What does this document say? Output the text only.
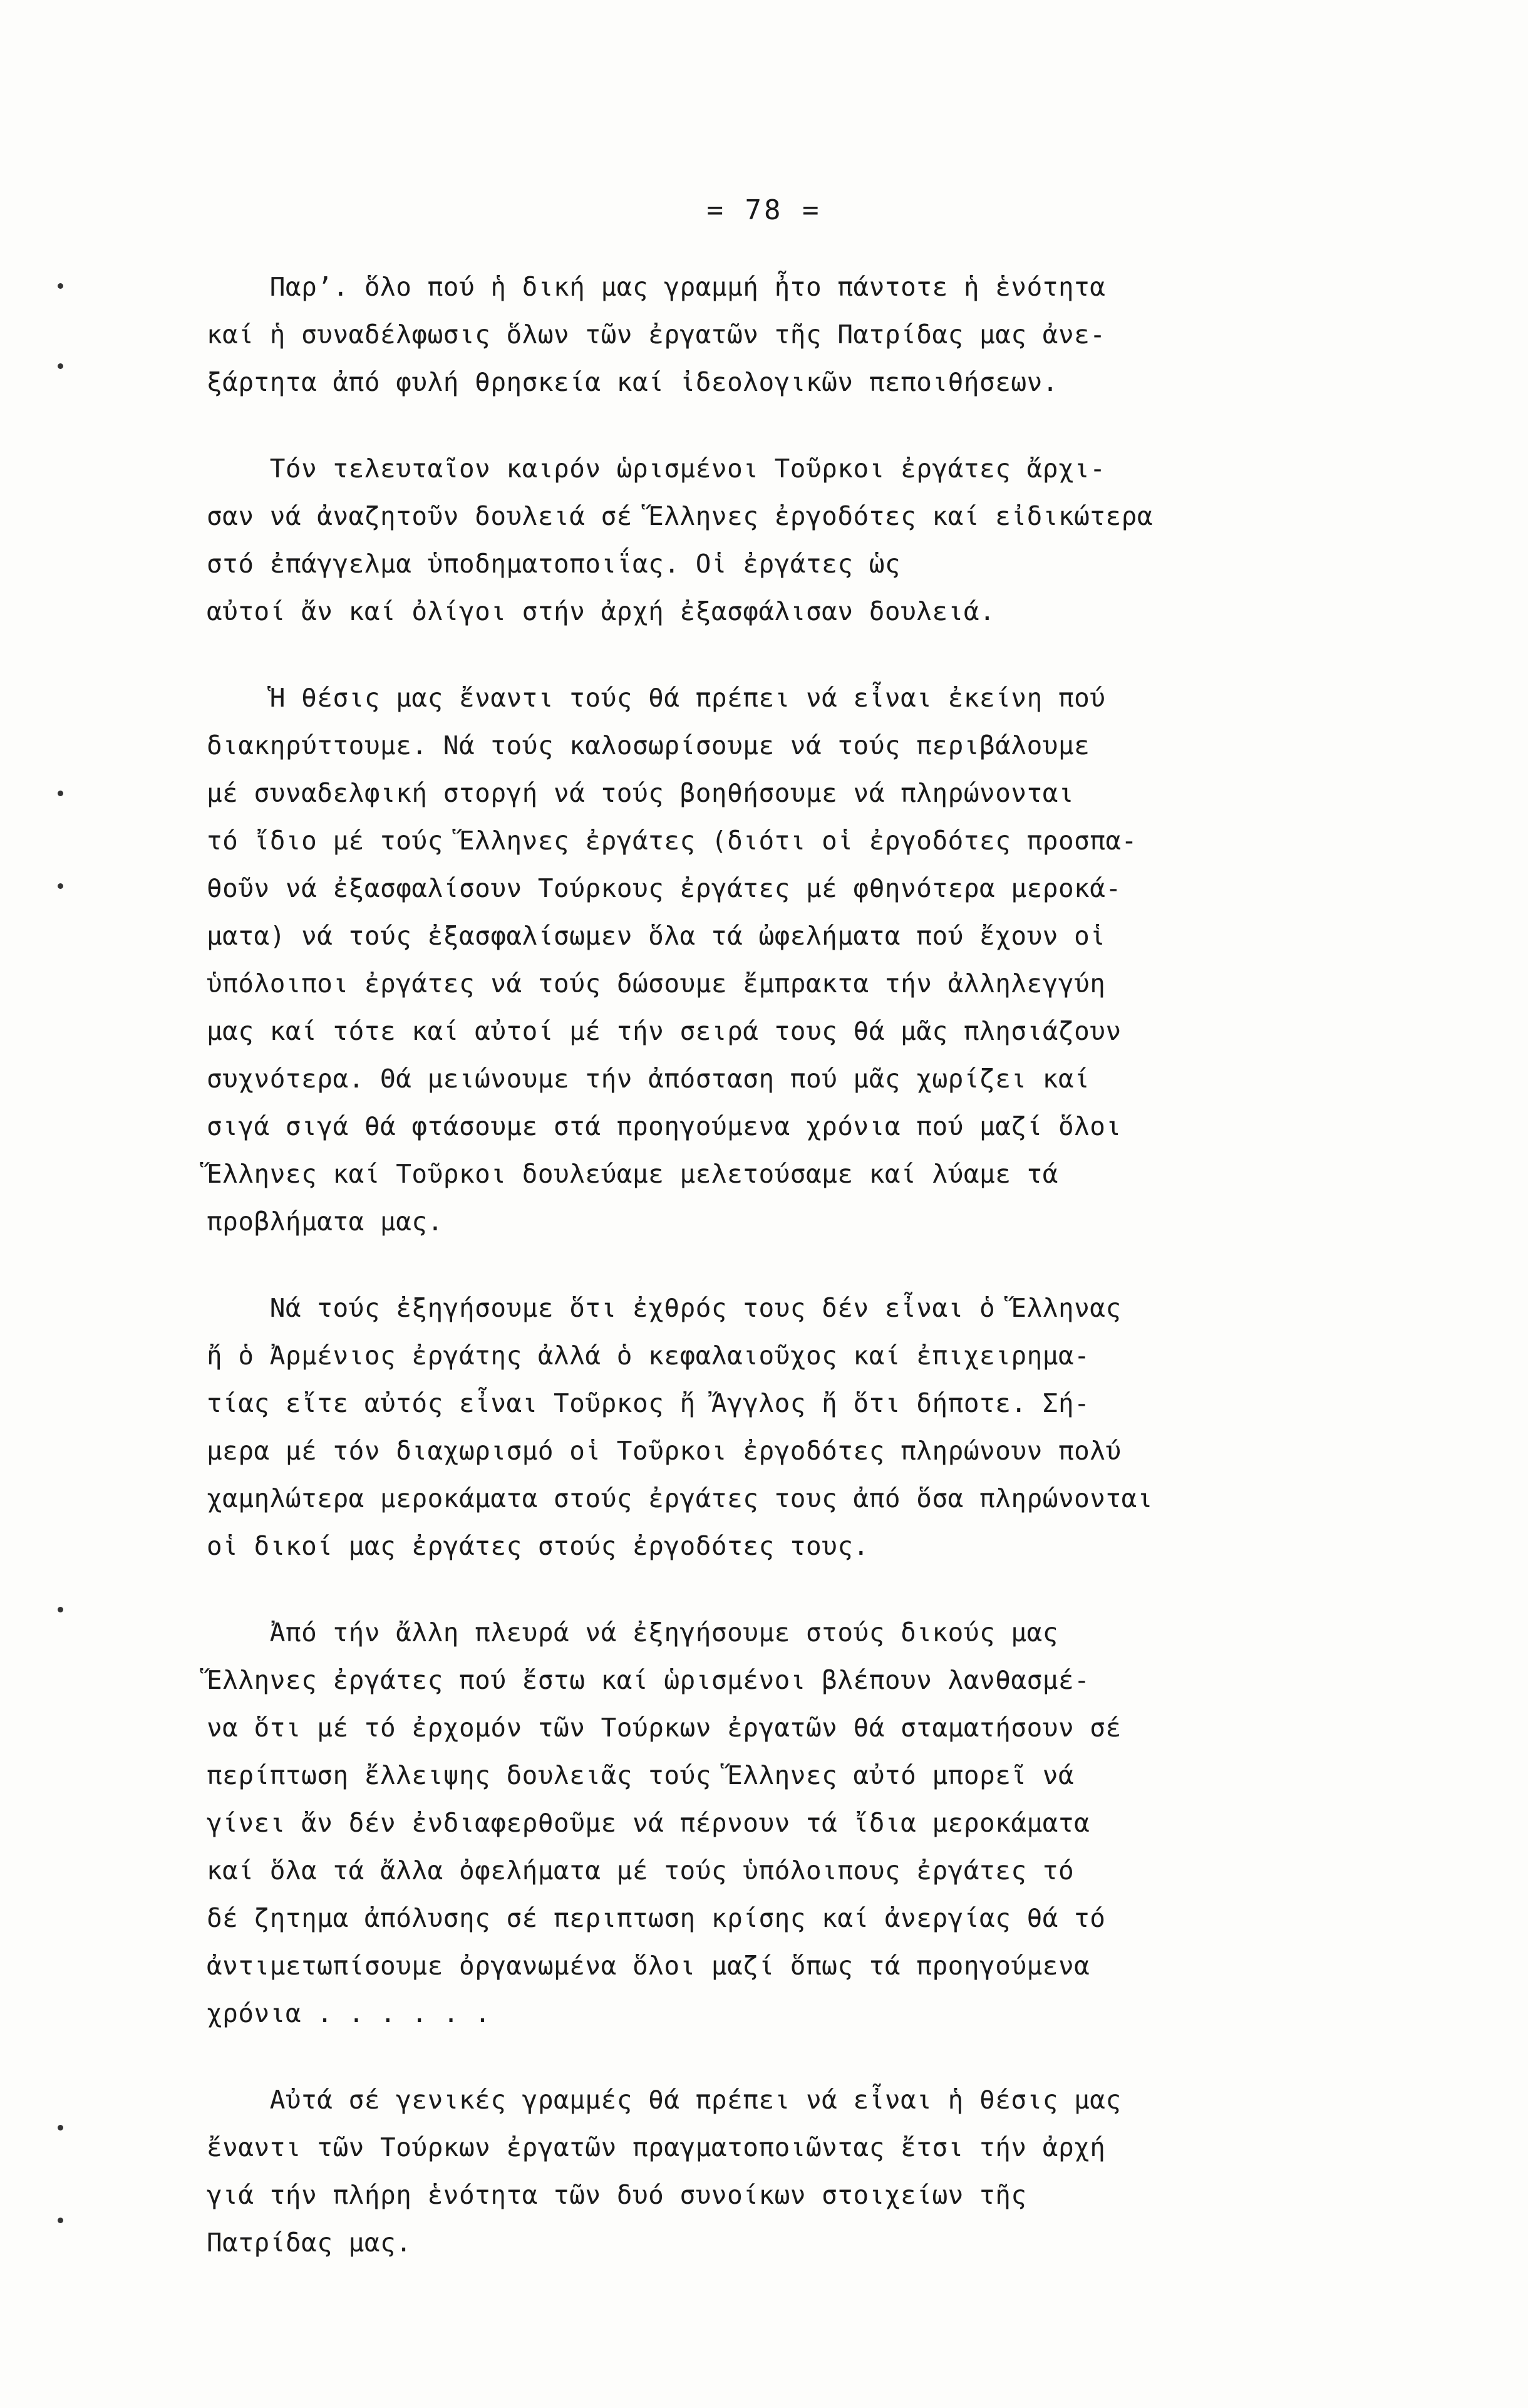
= 78 =
Παρ’. ὅλο πού ἡ δική μας γραμμή ἦτο πάντοτε ἡ ἑνότητα
καί ἡ συναδέλφωσις ὅλων τῶν ἐργατῶν τῆς Πατρίδας μας ἀνε-
ξάρτητα ἀπό φυλή θρησκεία καί ἰδεολογικῶν πεποιθήσεων.
Τόν τελευταῖον καιρόν ὡρισμένοι Τοῦρκοι ἐργάτες ἄρχι-
σαν νά ἀναζητοῦν δουλειά σέ Ἕλληνες ἐργοδότες καί εἰδικώτερα
στό ἐπάγγελμα ὑποδηματοποιΐας. Οἱ ἐργάτες ὡς
αὐτοί ἄν καί ὀλίγοι στήν ἀρχή ἐξασφάλισαν δουλειά.
Ἡ θέσις μας ἔναντι τούς θά πρέπει νά εἶναι ἐκείνη πού
διακηρύττουμε. Νά τούς καλοσωρίσουμε νά τούς περιβάλουμε
μέ συναδελφική στοργή νά τούς βοηθήσουμε νά πληρώνονται
τό ἴδιο μέ τούς Ἕλληνες ἐργάτες (διότι οἱ ἐργοδότες προσπα-
θοῦν νά ἐξασφαλίσουν Τούρκους ἐργάτες μέ φθηνότερα μεροκά-
ματα) νά τούς ἐξασφαλίσωμεν ὅλα τά ὠφελήματα πού ἔχουν οἱ
ὑπόλοιποι ἐργάτες νά τούς δώσουμε ἔμπρακτα τήν ἀλληλεγγύη
μας καί τότε καί αὐτοί μέ τήν σειρά τους θά μᾶς πλησιάζουν
συχνότερα. Θά μειώνουμε τήν ἀπόσταση πού μᾶς χωρίζει καί
σιγά σιγά θά φτάσουμε στά προηγούμενα χρόνια πού μαζί ὅλοι
Ἕλληνες καί Τοῦρκοι δουλεύαμε μελετούσαμε καί λύαμε τά
προβλήματα μας.
Νά τούς ἐξηγήσουμε ὅτι ἐχθρός τους δέν εἶναι ὁ Ἕλληνας
ἤ ὁ Ἀρμένιος ἐργάτης ἀλλά ὁ κεφαλαιοῦχος καί ἐπιχειρημα-
τίας εἴτε αὐτός εἶναι Τοῦρκος ἤ Ἄγγλος ἤ ὅτι δήποτε. Σή-
μερα μέ τόν διαχωρισμό οἱ Τοῦρκοι ἐργοδότες πληρώνουν πολύ
χαμηλώτερα μεροκάματα στούς ἐργάτες τους ἀπό ὅσα πληρώνονται
οἱ δικοί μας ἐργάτες στούς ἐργοδότες τους.
Ἀπό τήν ἄλλη πλευρά νά ἐξηγήσουμε στούς δικούς μας
Ἕλληνες ἐργάτες πού ἔστω καί ὡρισμένοι βλέπουν λανθασμέ-
να ὅτι μέ τό ἐρχομόν τῶν Τούρκων ἐργατῶν θά σταματήσουν σέ
περίπτωση ἔλλειψης δουλειᾶς τούς Ἕλληνες αὐτό μπορεῖ νά
γίνει ἄν δέν ἐνδιαφερθοῦμε νά πέρνουν τά ἴδια μεροκάματα
καί ὅλα τά ἄλλα ὀφελήματα μέ τούς ὑπόλοιπους ἐργάτες τό
δέ ζητημα ἀπόλυσης σέ περιπτωση κρίσης καί ἀνεργίας θά τό
ἀντιμετωπίσουμε ὀργανωμένα ὅλοι μαζί ὅπως τά προηγούμενα
χρόνια . . . . . .
Αὐτά σέ γενικές γραμμές θά πρέπει νά εἶναι ἡ θέσις μας
ἔναντι τῶν Τούρκων ἐργατῶν πραγματοποιῶντας ἔτσι τήν ἀρχή
γιά τήν πλήρη ἑνότητα τῶν δυό συνοίκων στοιχείων τῆς
Πατρίδας μας.
